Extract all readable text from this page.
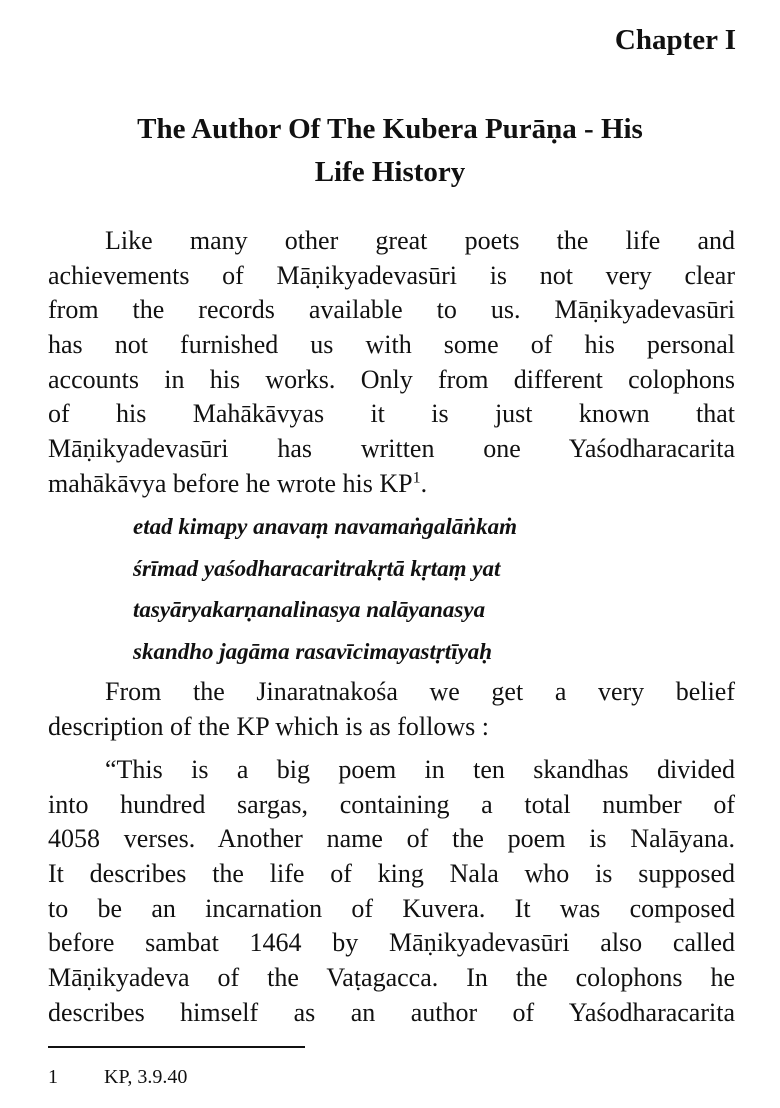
Chapter I
The Author Of The Kubera Purāṇa - His
Life History
Like many other great poets the life and
achievements of Māṇikyadevasūri is not very clear
from the records available to us. Māṇikyadevasūri
has not furnished us with some of his personal
accounts in his works. Only from different colophons
of his Mahākāvyas it is just known that
Māṇikyadevasūri has written one Yaśodharacarita
mahākāvya before he wrote his $KP^1$.
etad kimapy anavaṃ navamaṅgalāṅkaṁ
śrīmad yaśodharacaritrakṛtā kṛtaṃ yat
tasyāryakarṇanalinasya nalāyanasya
skandho jagāma rasavīcimayastṛtīyaḥ
From the Jinaratnakośa we get a very belief
description of the KP which is as follows :
“This is a big poem in ten skandhas divided
into hundred sargas, containing a total number of
4058 verses. Another name of the poem is Nalāyana.
It describes the life of king Nala who is supposed
to be an incarnation of Kuvera. It was composed
before sambat 1464 by Māṇikyadevasūri also called
Māṇikyadeva of the Vaṭagacca. In the colophons he
describes himself as an author of Yaśodharacarita
1 KP, 3.9.40
